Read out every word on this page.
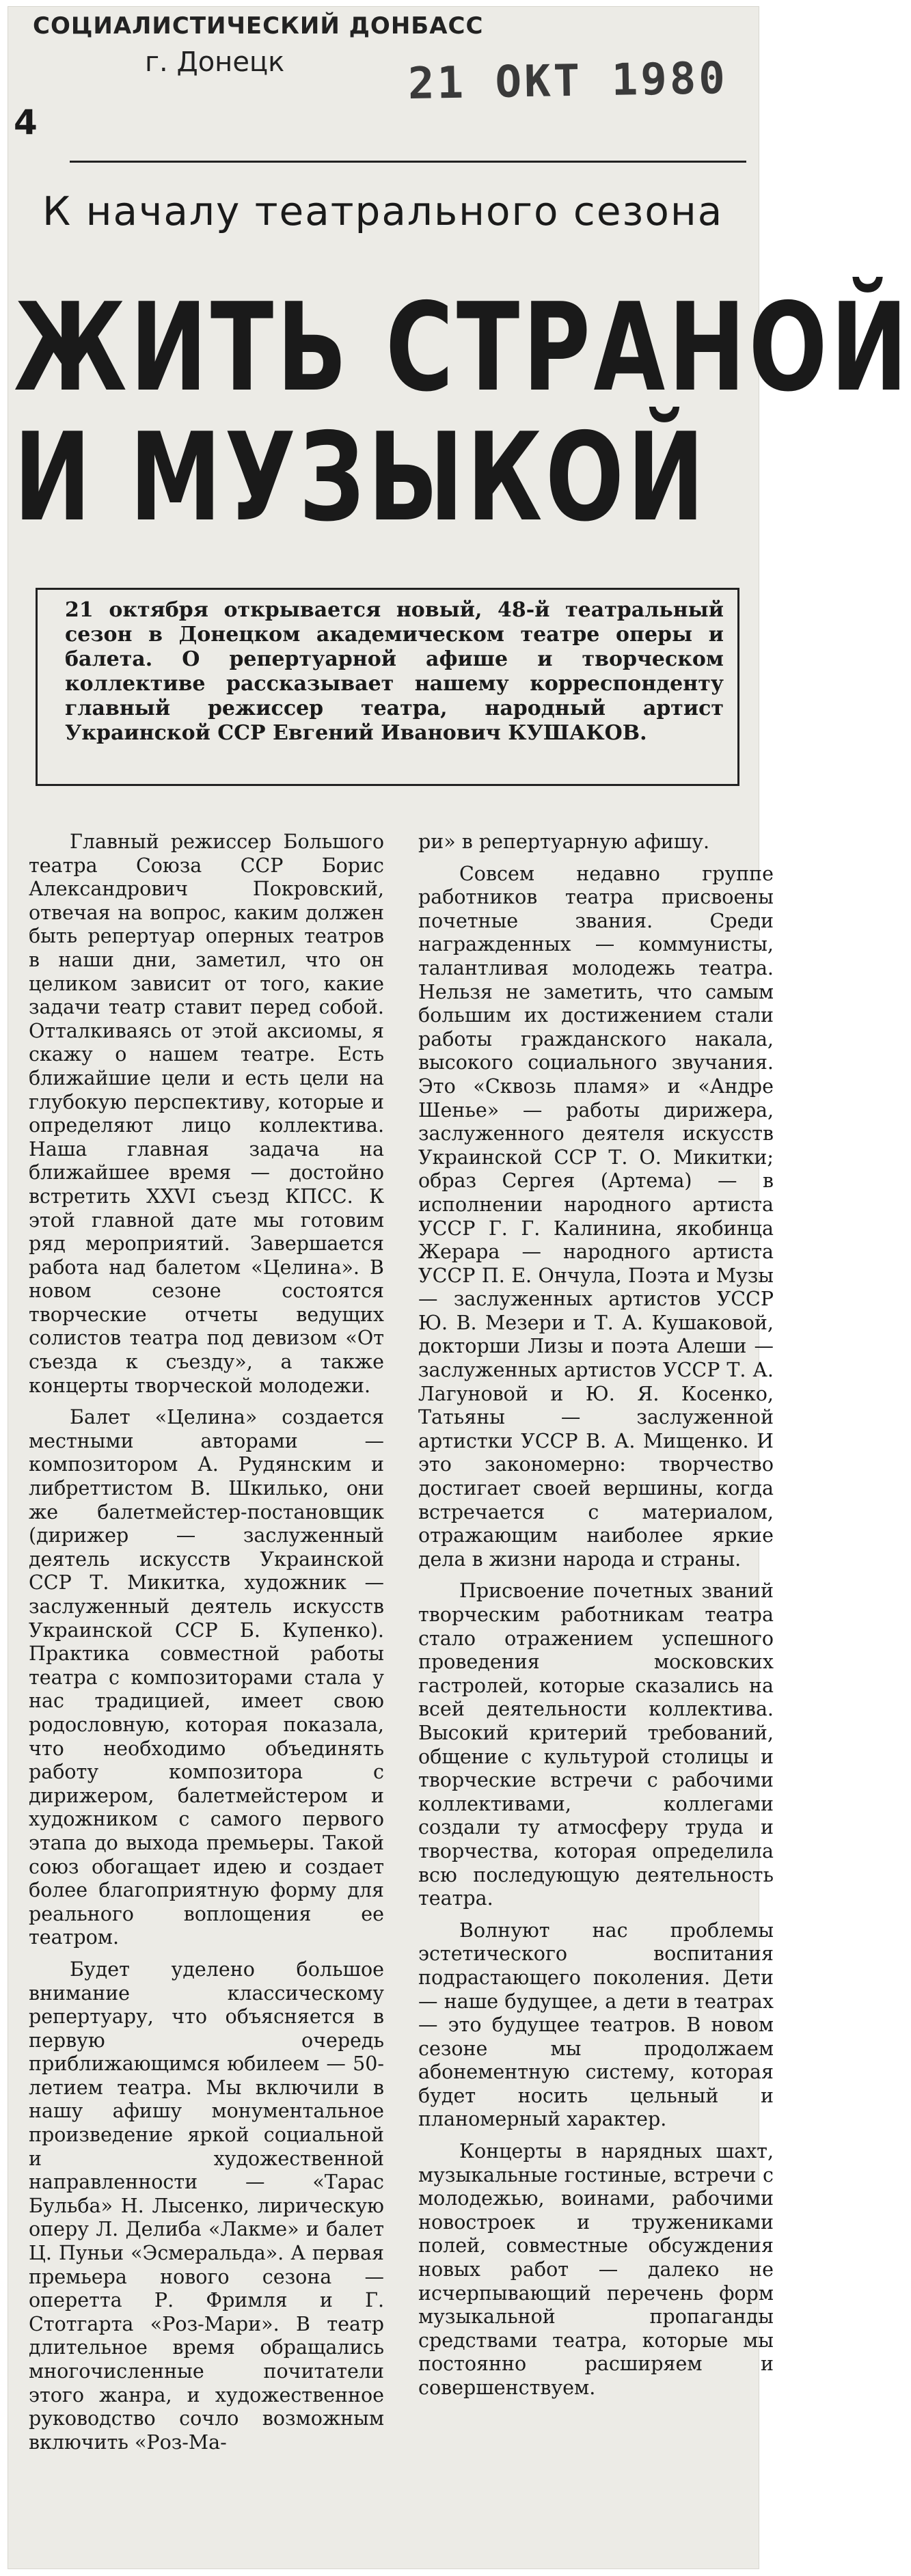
СОЦИАЛИСТИЧЕСКИЙ ДОНБАСС
г. Донецк	21 ОКТ 1980
4
К началу театрального сезона
ЖИТЬ СТРАНОЙ
И МУЗЫКОЙ
21 октября открывается новый, 48-й театральный сезон в Донецком академическом театре оперы и балета. О репертуарной афише и творческом коллективе рассказывает нашему корреспонденту главный режиссер театра, народный артист Украинской ССР Евгений Иванович КУШАКОВ.

Главный режиссер Большого театра Союза ССР Борис Александрович Покровский, отвечая на вопрос, каким должен быть репертуар оперных театров в наши дни, заметил, что он целиком зависит от того, какие задачи театр ставит перед собой. Отталкиваясь от этой аксиомы, я скажу о нашем театре. Есть ближайшие цели и есть цели на глубокую перспективу, которые и определяют лицо коллектива. Наша главная задача на ближайшее время — достойно встретить XXVI съезд КПСС. К этой главной дате мы готовим ряд мероприятий. Завершается работа над балетом «Целина». В новом сезоне состоятся творческие отчеты ведущих солистов театра под девизом «От съезда к съезду», а также концерты творческой молодежи.

Балет «Целина» создается местными авторами — композитором А. Рудянским и либреттистом В. Шкилько, они же балетмейстер-постановщик (дирижер — заслуженный деятель искусств Украинской ССР Т. Микитка, художник — заслуженный деятель искусств Украинской ССР Б. Купенко). Практика совместной работы театра с композиторами стала у нас традицией, имеет свою родословную, которая показала, что необходимо объединять работу композитора с дирижером, балетмейстером и художником с самого первого этапа до выхода премьеры. Такой союз обогащает идею и создает более благоприятную форму для реального воплощения ее театром.

Будет уделено большое внимание классическому репертуару, что объясняется в первую очередь приближающимся юбилеем — 50-летием театра. Мы включили в нашу афишу монументальное произведение яркой социальной и художественной направленности — «Тарас Бульба» Н. Лысенко, лирическую оперу Л. Делиба «Лакме» и балет Ц. Пуньи «Эсмеральда». А первая премьера нового сезона — оперетта Р. Фримля и Г. Стотгарта «Роз-Мари». В театр длительное время обращались многочисленные почитатели этого жанра, и художественное руководство сочло возможным включить «Роз-Ма-

ри» в репертуарную афишу.

Совсем недавно группе работников театра присвоены почетные звания. Среди награжденных — коммунисты, талантливая молодежь театра. Нельзя не заметить, что самым большим их достижением стали работы гражданского накала, высокого социального звучания. Это «Сквозь пламя» и «Андре Шенье» — работы дирижера, заслуженного деятеля искусств Украинской ССР Т. О. Микитки; образ Сергея (Артема) — в исполнении народного артиста УССР Г. Г. Калинина, якобинца Жерара — народного артиста УССР П. Е. Ончула, Поэта и Музы — заслуженных артистов УССР Ю. В. Мезери и Т. А. Кушаковой, докторши Лизы и поэта Алеши — заслуженных артистов УССР Т. А. Лагуновой и Ю. Я. Косенко, Татьяны — заслуженной артистки УССР В. А. Мищенко. И это закономерно: творчество достигает своей вершины, когда встречается с материалом, отражающим наиболее яркие дела в жизни народа и страны.

Присвоение почетных званий творческим работникам театра стало отражением успешного проведения московских гастролей, которые сказались на всей деятельности коллектива. Высокий критерий требований, общение с культурой столицы и творческие встречи с рабочими коллективами, коллегами создали ту атмосферу труда и творчества, которая определила всю последующую деятельность театра.

Волнуют нас проблемы эстетического воспитания подрастающего поколения. Дети — наше будущее, а дети в театрах — это будущее театров. В новом сезоне мы продолжаем абонементную систему, которая будет носить цельный и планомерный характер.

Концерты в нарядных шахт, музыкальные гостиные, встречи с молодежью, воинами, рабочими новостроек и тружениками полей, совместные обсуждения новых работ — далеко не исчерпывающий перечень форм музыкальной пропаганды средствами театра, которые мы постоянно расширяем и совершенствуем.
